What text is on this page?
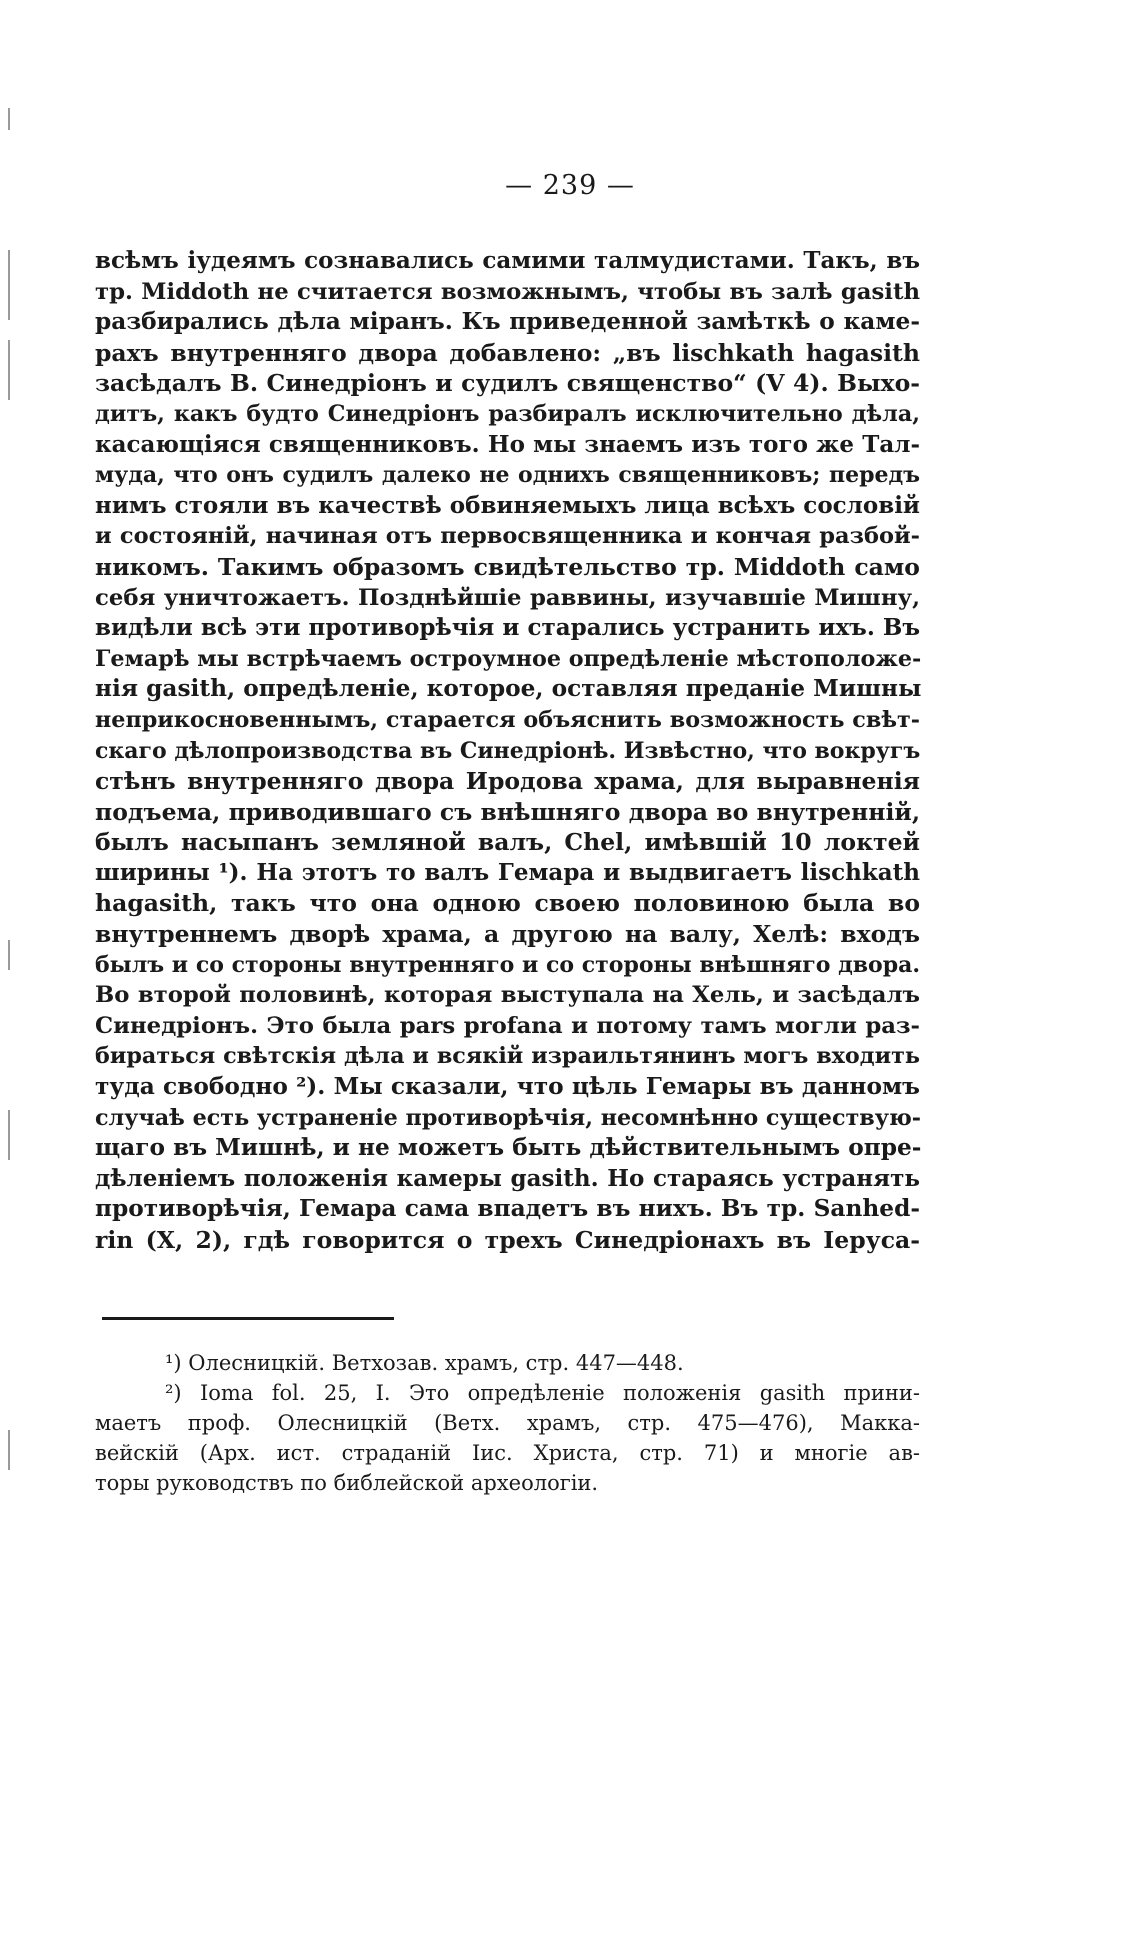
— 239 —
всѣмъ іудеямъ сознавались самими талмудистами. Такъ, въ
тр. Middoth не считается возможнымъ, чтобы въ залѣ gasith
разбирались дѣла міранъ. Къ приведенной замѣткѣ о каме-
рахъ внутренняго двора добавлено: „въ lischkath hagasith
засѣдалъ В. Синедріонъ и судилъ священство“ (V 4). Выхо-
дитъ, какъ будто Синедріонъ разбиралъ исключительно дѣла,
касающіяся священниковъ. Но мы знаемъ изъ того же Тал-
муда, что онъ судилъ далеко не однихъ священниковъ; передъ
нимъ стояли въ качествѣ обвиняемыхъ лица всѣхъ сословій
и состояній, начиная отъ первосвященника и кончая разбой-
никомъ. Такимъ образомъ свидѣтельство тр. Middoth само
себя уничтожаетъ. Позднѣйшіе раввины, изучавшіе Мишну,
видѣли всѣ эти противорѣчія и старались устранить ихъ. Въ
Гемарѣ мы встрѣчаемъ остроумное опредѣленіе мѣстоположе-
нія gasith, опредѣленіе, которое, оставляя преданіе Мишны
неприкосновеннымъ, старается объяснить возможность свѣт-
скаго дѣлопроизводства въ Синедріонѣ. Извѣстно, что вокругъ
стѣнъ внутренняго двора Иродова храма, для выравненія
подъема, приводившаго съ внѣшняго двора во внутренній,
былъ насыпанъ земляной валъ, Chel, имѣвшій 10 локтей
ширины ¹). На этотъ то валъ Гемара и выдвигаетъ lischkath
hagasith, такъ что она одною своею половиною была во
внутреннемъ дворѣ храма, а другою на валу, Хелѣ: входъ
былъ и со стороны внутренняго и со стороны внѣшняго двора.
Во второй половинѣ, которая выступала на Хель, и засѣдалъ
Синедріонъ. Это была pars profana и потому тамъ могли раз-
бираться свѣтскія дѣла и всякій израильтянинъ могъ входить
туда свободно ²). Мы сказали, что цѣль Гемары въ данномъ
случаѣ есть устраненіе противорѣчія, несомнѣнно существую-
щаго въ Мишнѣ, и не можетъ быть дѣйствительнымъ опре-
дѣленіемъ положенія камеры gasith. Но стараясь устранять
противорѣчія, Гемара сама впадетъ въ нихъ. Въ тр. Sanhed-
rin (X, 2), гдѣ говорится о трехъ Синедріонахъ въ Іеруса-
¹) Олесницкій. Ветхозав. храмъ, стр. 447—448.
²) Ioma fol. 25, I. Это опредѣленіе положенія gasith прини-
маетъ проф. Олесницкій (Ветх. храмъ, стр. 475—476), Макка-
вейскій (Арх. ист. страданій Іис. Христа, стр. 71) и многіе ав-
торы руководствъ по библейской археологіи.
